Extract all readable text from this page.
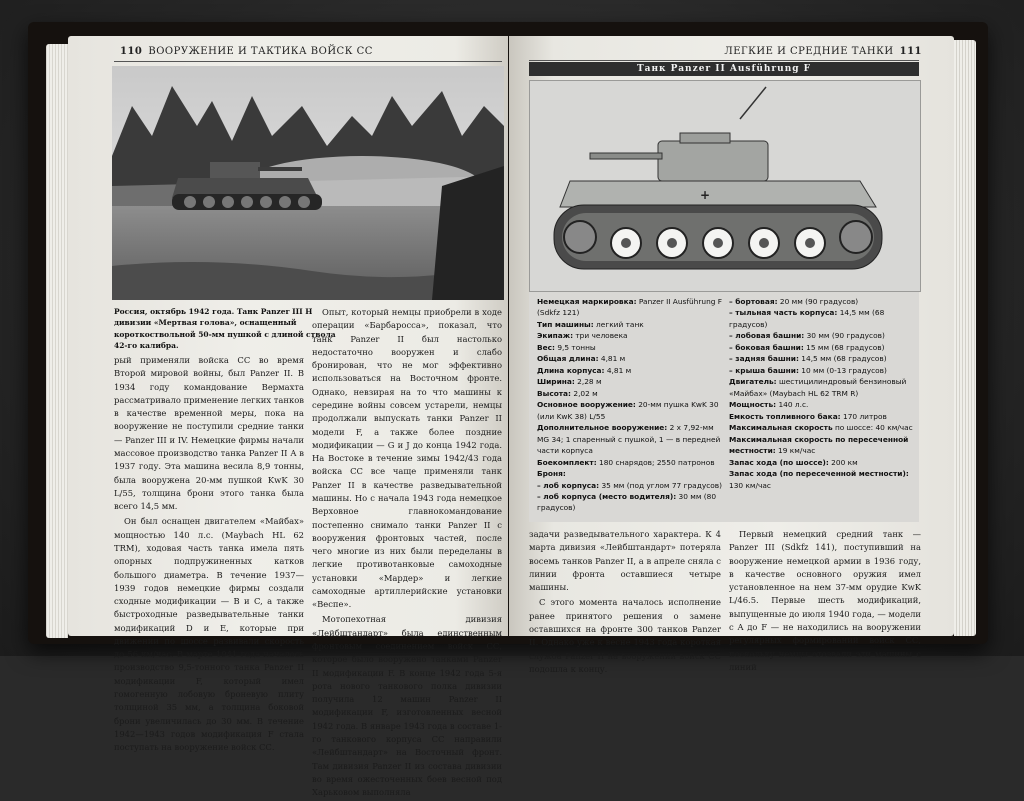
110 ВООРУЖЕНИЕ И ТАКТИКА ВОЙСК СС
Россия, октябрь 1942 года. Танк Panzer III H дивизии «Мертвая голова», оснащенный короткоствольной 50-мм пушкой с длиной ствола 42-го калибра.

рый применяли войска СС во время Второй мировой войны, был Panzer II. В 1934 году командование Вермахта рассматривало применение легких танков в качестве временной меры, пока на вооружение не поступили средние танки — Panzer III и IV. Немецкие фирмы начали массовое производство танка Panzer II A в 1937 году. Эта машина весила 8,9 тонны, была вооружена 20-мм пушкой KwK 30 L/55, толщина брони этого танка была всего 14,5 мм.

Он был оснащен двигателем «Майбах» мощностью 140 л.с. (Maybach HL 62 TRM), ходовая часть танка имела пять опорных подпружиненных катков большого диаметра. В течение 1937—1939 годов немецкие фирмы создали сходные модификации — B и C, а также быстроходные разведывательные танки модификаций D и E, которые при движении по шоссе развивали скорость до 56 км/час. В марте 1941 года началось производство 9,5-тонного танка Panzer II модификации F, который имел гомогенную лобовую броневую плиту толщиной 35 мм, а толщина боковой брони увеличилась до 30 мм. В течение 1942—1943 годов модификация F стала поступать на вооружение войск СС.

Опыт, который немцы приобрели в ходе операции «Барбаросса», показал, что танк Panzer II был настолько недостаточно вооружен и слабо бронирован, что не мог эффективно использоваться на Восточном фронте. Однако, невзирая на то что машины к середине войны совсем устарели, немцы продолжали выпускать танки Panzer II модели F, а также более поздние модификации — G и J до конца 1942 года. На Востоке в течение зимы 1942/43 года войска СС все чаще применяли танк Panzer II в качестве разведывательной машины. Но с начала 1943 года немецкое Верховное главнокомандование постепенно снимало танки Panzer II с вооружения фронтовых частей, после чего многие из них были переделаны в легкие противотанковые самоходные установки «Мардер» и легкие самоходные артиллерийские установки «Веспе».

Мотопехотная дивизия «Лейбштандарт» была единственным фронтовым соединением войск СС, которое было вооружено танками Panzer II модификации F. В конце 1942 года 5-я рота нового танкового полка дивизии получила 12 машин Panzer II модификации F, изготовленных весной 1942 года. В январе 1943 года в составе 1-го танкового корпуса СС направили «Лейбштандарт» на Восточный фронт. Там дивизия Panzer II из состава дивизии во время ожесточенных боев весной под Харьковом выполняла

ЛЕГКИЕ И СРЕДНИЕ ТАНКИ 111
Танк Panzer II Ausführung F
+
Немецкая маркировка: Panzer II Ausführung F (Sdkfz 121)
Тип машины: легкий танк
Экипаж: три человека
Вес: 9,5 тонны
Общая длина: 4,81 м
Длина корпуса: 4,81 м
Ширина: 2,28 м
Высота: 2,02 м
Основное вооружение: 20-мм пушка KwK 30 (или KwK 38) L/55
Дополнительное вооружение: 2 х 7,92-мм MG 34; 1 спаренный с пушкой, 1 — в передней части корпуса
Боекомплект: 180 снарядов; 2550 патронов
Броня:
– лоб корпуса: 35 мм (под углом 77 градусов)
– лоб корпуса (место водителя): 30 мм (80 градусов)
– бортовая: 20 мм (90 градусов)
– тыльная часть корпуса: 14,5 мм (68 градусов)
– лобовая башни: 30 мм (90 градусов)
– боковая башни: 15 мм (68 градусов)
– задняя башни: 14,5 мм (68 градусов)
– крыша башни: 10 мм (0-13 градусов)
Двигатель: шестицилиндровый бензиновый «Майбах» (Maybach HL 62 TRM R)
Мощность: 140 л.с.
Емкость топливного бака: 170 литров
Максимальная скорость по шоссе: 40 км/час
Максимальная скорость по пересеченной местности: 19 км/час
Запас хода (по шоссе): 200 км
Запас хода (по пересеченной местности): 130 км/час

задачи разведывательного характера. К 4 марта дивизия «Лейбштандарт» потеряла восемь танков Panzer II, а в апреле сняла с линии фронта оставшиеся четыре машины.

С этого момента началось исполнение ранее принятого решения о замене оставшихся на фронте 300 танков Panzer II. Однако уже к весне 1943 года короткая служба Panzer II на вооружении войск СС подошла к концу.

Первый немецкий средний танк — Panzer III (Sdkfz 141), поступивший на вооружение немецкой армии в 1936 году, в качестве основного оружия имел установленное на нем 37-мм орудие KwK L/46.5. Первые шесть модификаций, выпущенные до июля 1940 года, — модели с A до F — не находились на вооружении регулярных формирований войск СС, поскольку немцы отозвали эти машины с линий
